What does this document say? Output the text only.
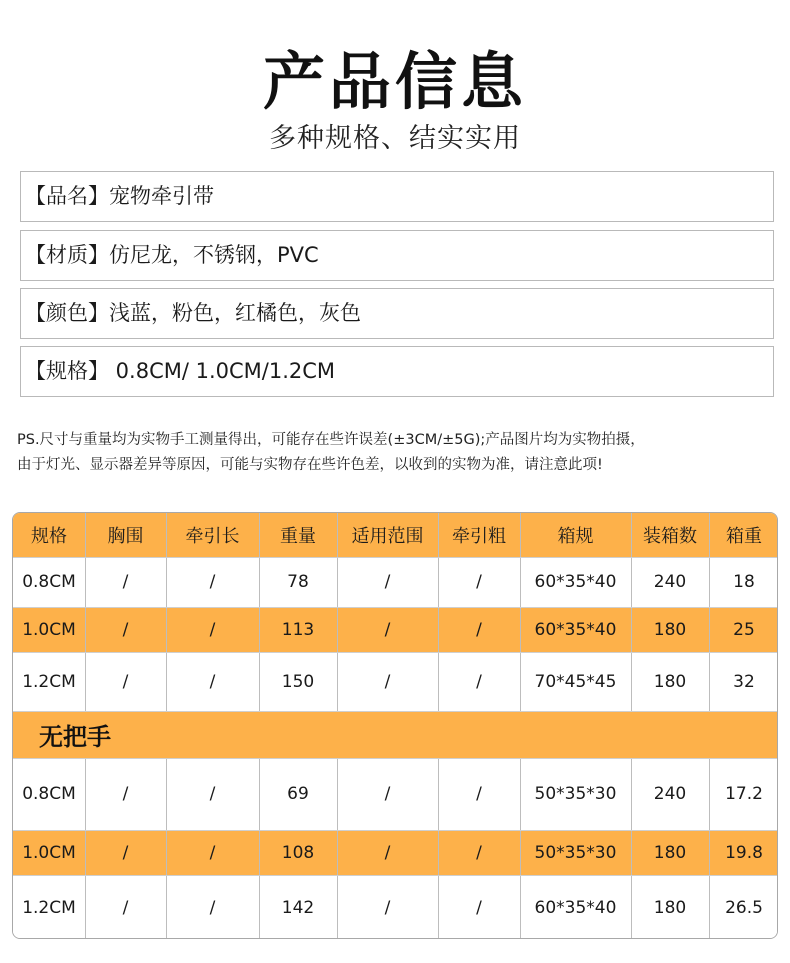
产品信息
多种规格、结实实用
【品名】宠物牵引带
【材质】仿尼龙，不锈钢，PVC
【颜色】浅蓝，粉色，红橘色，灰色
【规格】 0.8CM/ 1.0CM/1.2CM
PS.尺寸与重量均为实物手工测量得出，可能存在些许误差(±3CM/±5G);产品图片均为实物拍摄，
由于灯光、显示器差异等原因，可能与实物存在些许色差，以收到的实物为准，请注意此项!
规格	胸围	牵引长	重量	适用范围	牵引粗	箱规	装箱数	箱重
0.8CM	/	/	78	/	/	60*35*40	240	18
1.0CM	/	/	113	/	/	60*35*40	180	25
1.2CM	/	/	150	/	/	70*45*45	180	32
无把手
0.8CM	/	/	69	/	/	50*35*30	240	17.2
1.0CM	/	/	108	/	/	50*35*30	180	19.8
1.2CM	/	/	142	/	/	60*35*40	180	26.5
